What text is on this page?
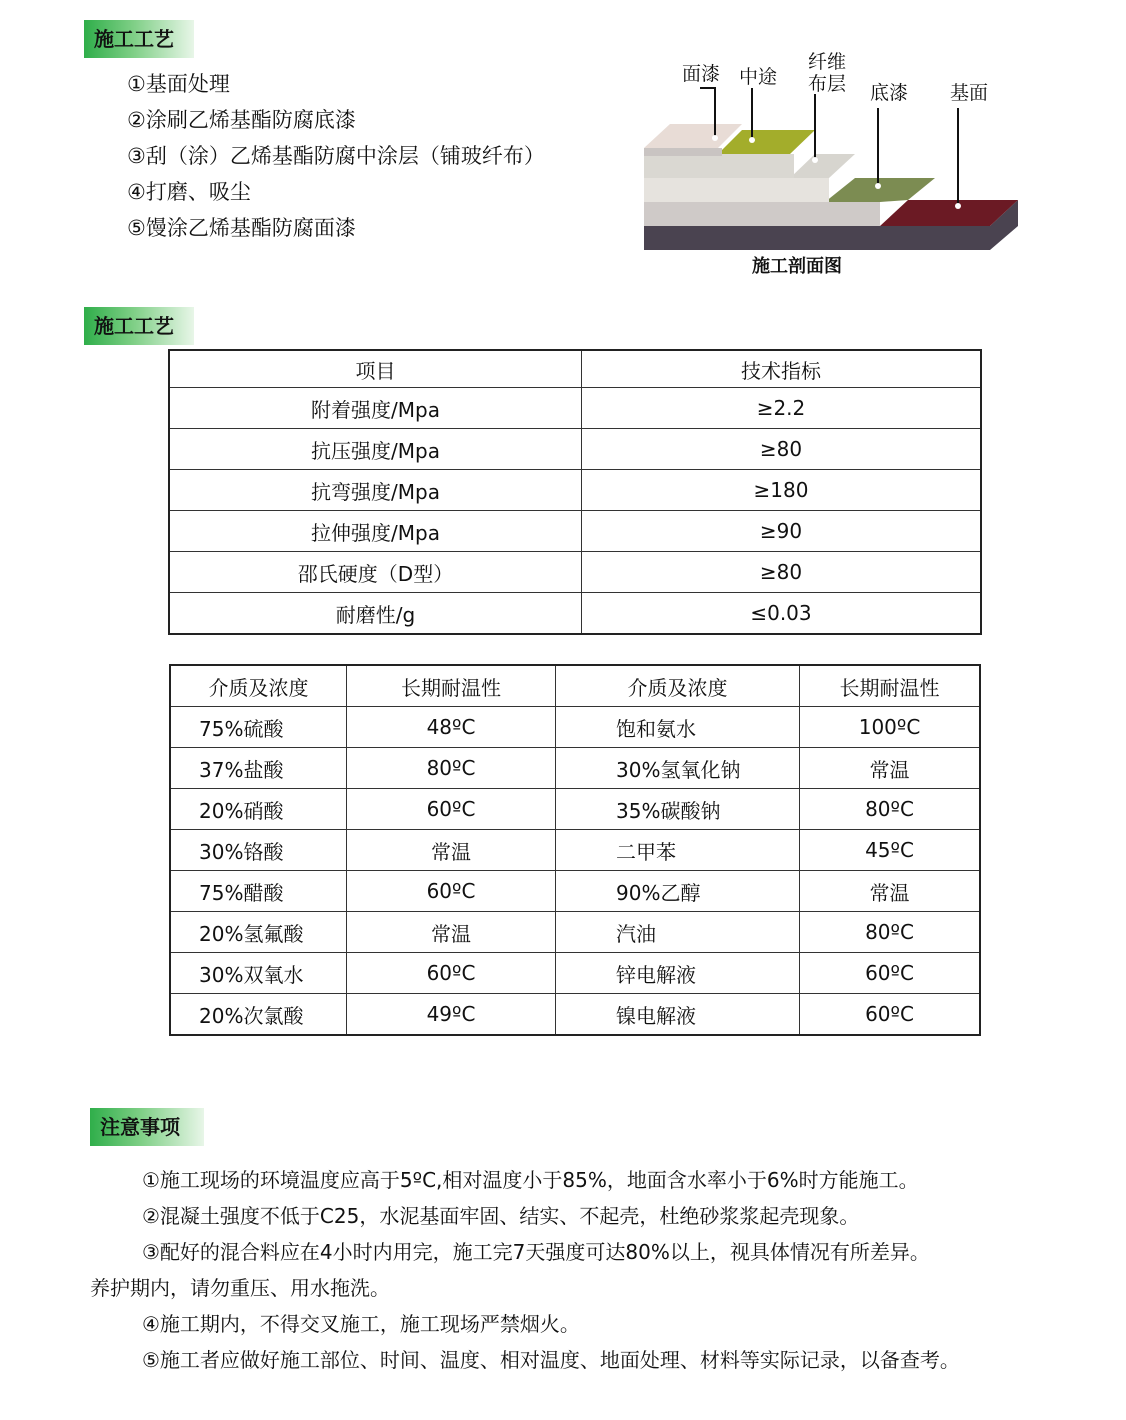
施工工艺
①基面处理
②涂刷乙烯基酯防腐底漆
③刮（涂）乙烯基酯防腐中涂层（铺玻纤布）
④打磨、吸尘
⑤馒涂乙烯基酯防腐面漆
面漆 中途
纤维
布层 底漆 基面
施工剖面图
施工工艺
项目	技术指标
附着强度/Mpa	≥2.2
抗压强度/Mpa	≥80
抗弯强度/Mpa	≥180
拉伸强度/Mpa	≥90
邵氏硬度（D型）	≥80
耐磨性/g	≤0.03
介质及浓度	长期耐温性	介质及浓度	长期耐温性
75%硫酸	48ºC	饱和氨水	100ºC
37%盐酸	80ºC	30%氢氧化钠	常温
20%硝酸	60ºC	35%碳酸钠	80ºC
30%铬酸	常温	二甲苯	45ºC
75%醋酸	60ºC	90%乙醇	常温
20%氢氟酸	常温	汽油	80ºC
30%双氧水	60ºC	锌电解液	60ºC
20%次氯酸	49ºC	镍电解液	60ºC
注意事项

①施工现场的环境温度应高于5ºC,相对温度小于85%，地面含水率小于6%时方能施工。

②混凝土强度不低于C25，水泥基面牢固、结实、不起壳，杜绝砂浆浆起壳现象。

③配好的混合料应在4小时内用完，施工完7天强度可达80%以上，视具体情况有所差异。

养护期内，请勿重压、用水拖洗。

④施工期内，不得交叉施工，施工现场严禁烟火。

⑤施工者应做好施工部位、时间、温度、相对温度、地面处理、材料等实际记录，以备查考。
